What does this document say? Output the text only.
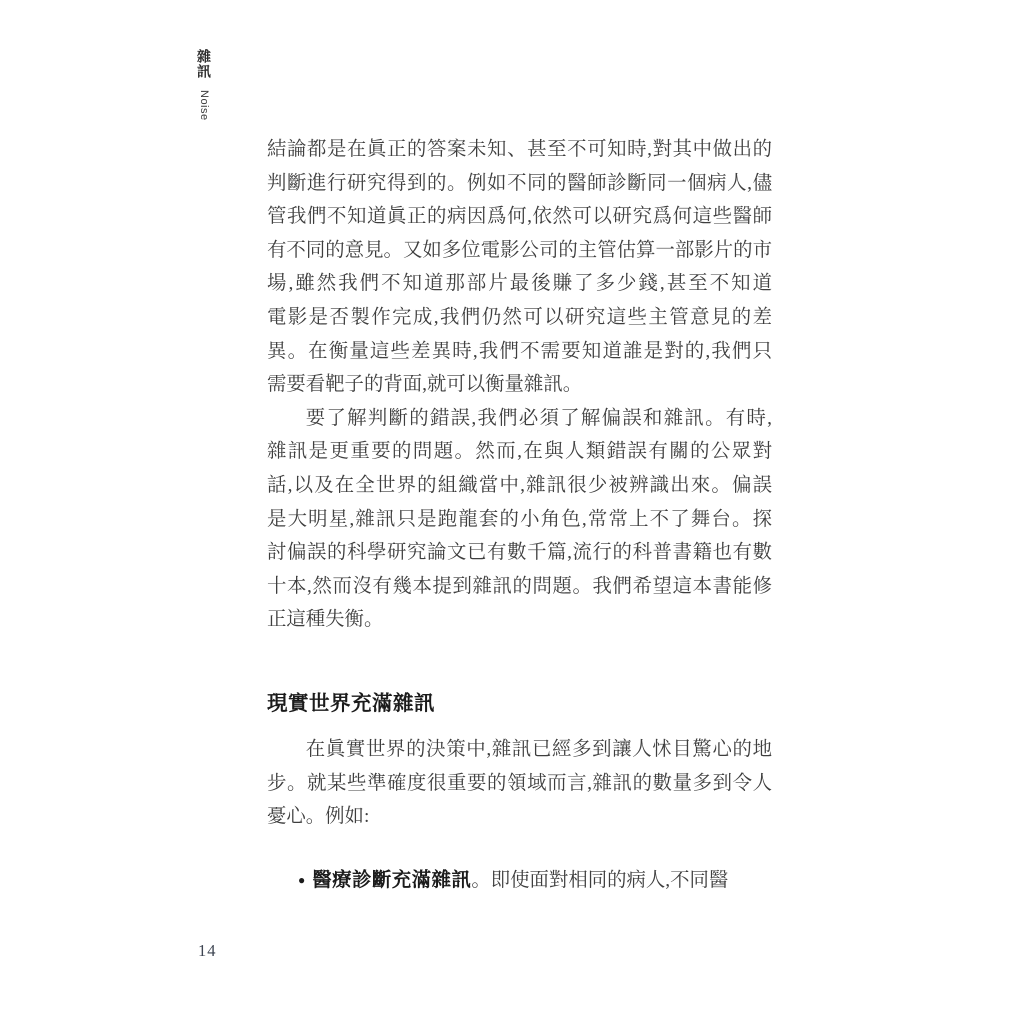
雜訊 Noise
結論都是在眞正的答案未知、甚至不可知時,對其中做出的
判斷進行研究得到的。例如不同的醫師診斷同一個病人,儘
管我們不知道眞正的病因爲何,依然可以研究爲何這些醫師
有不同的意見。又如多位電影公司的主管估算一部影片的市
場,雖然我們不知道那部片最後賺了多少錢,甚至不知道
電影是否製作完成,我們仍然可以研究這些主管意見的差
異。在衡量這些差異時,我們不需要知道誰是對的,我們只
需要看靶子的背面,就可以衡量雜訊。
要了解判斷的錯誤,我們必須了解偏誤和雜訊。有時,
雜訊是更重要的問題。然而,在與人類錯誤有關的公眾對
話,以及在全世界的組織當中,雜訊很少被辨識出來。偏誤
是大明星,雜訊只是跑龍套的小角色,常常上不了舞台。探
討偏誤的科學研究論文已有數千篇,流行的科普書籍也有數
十本,然而沒有幾本提到雜訊的問題。我們希望這本書能修
正這種失衡。
現實世界充滿雜訊
在眞實世界的決策中,雜訊已經多到讓人怵目驚心的地
步。就某些準確度很重要的領域而言,雜訊的數量多到令人
憂心。例如:
● 醫療診斷充滿雜訊。即使面對相同的病人,不同醫
14
